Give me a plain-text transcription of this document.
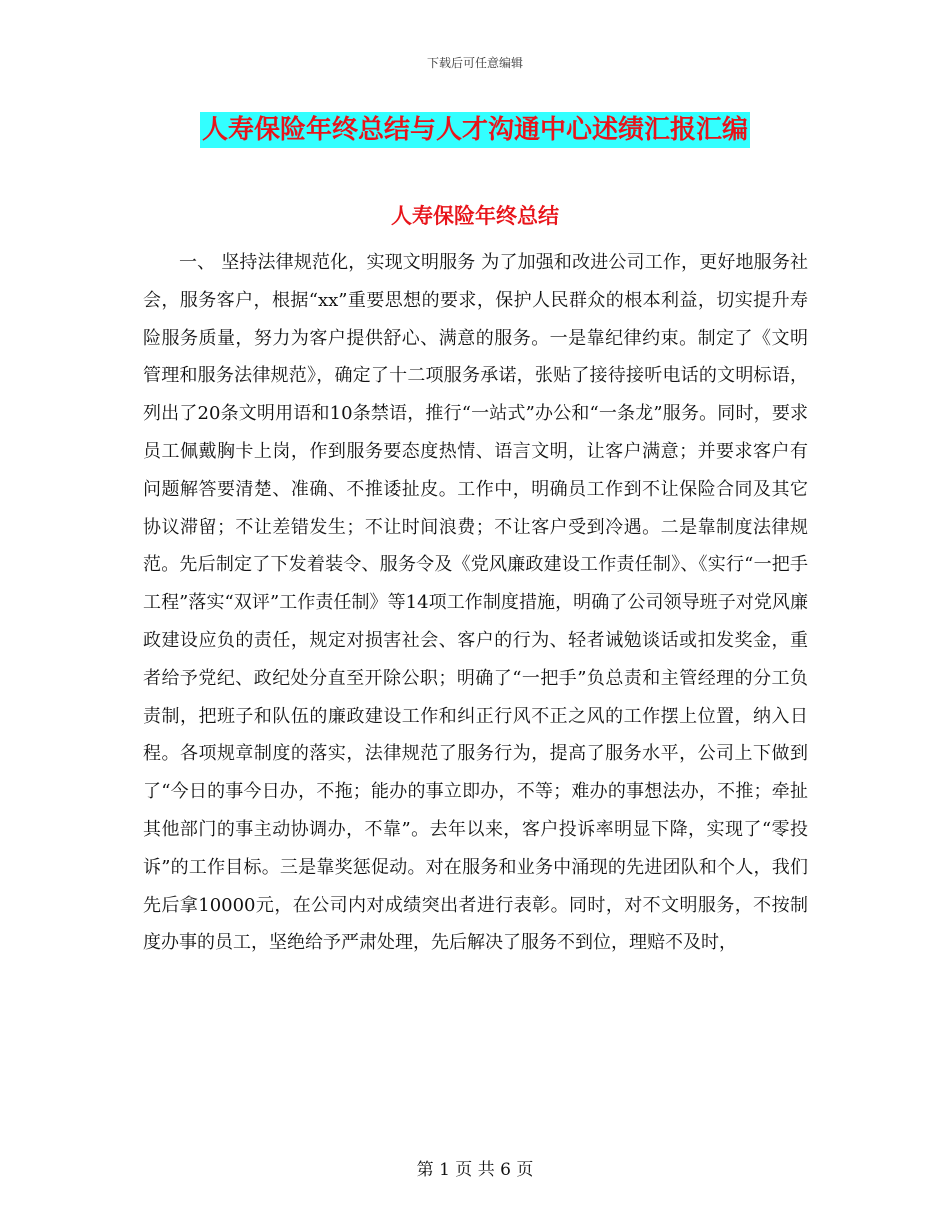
下载后可任意编辑
人寿保险年终总结与人才沟通中心述绩汇报汇编
人寿保险年终总结

一、 坚持法律规范化，实现文明服务 为了加强和改进公司工作，更好地服务社会，服务客户，根据“xx”重要思想的要求，保护人民群众的根本利益，切实提升寿险服务质量，努力为客户提供舒心、满意的服务。一是靠纪律约束。制定了《文明管理和服务法律规范》，确定了十二项服务承诺，张贴了接待接听电话的文明标语，列出了20条文明用语和10条禁语，推行“一站式”办公和“一条龙”服务。同时，要求员工佩戴胸卡上岗，作到服务要态度热情、语言文明，让客户满意；并要求客户有问题解答要清楚、准确、不推诿扯皮。工作中，明确员工作到不让保险合同及其它协议滞留；不让差错发生；不让时间浪费；不让客户受到冷遇。二是靠制度法律规范。先后制定了下发着装令、服务令及《党风廉政建设工作责任制》、《实行“一把手工程”落实“双评”工作责任制》等14项工作制度措施，明确了公司领导班子对党风廉政建设应负的责任，规定对损害社会、客户的行为、轻者诫勉谈话或扣发奖金，重者给予党纪、政纪处分直至开除公职；明确了“一把手”负总责和主管经理的分工负责制，把班子和队伍的廉政建设工作和纠正行风不正之风的工作摆上位置，纳入日程。各项规章制度的落实，法律规范了服务行为，提高了服务水平，公司上下做到了“今日的事今日办，不拖；能办的事立即办，不等；难办的事想法办，不推；牵扯其他部门的事主动协调办，不靠”。去年以来，客户投诉率明显下降，实现了“零投诉”的工作目标。三是靠奖惩促动。对在服务和业务中涌现的先进团队和个人，我们先后拿10000元，在公司内对成绩突出者进行表彰。同时，对不文明服务，不按制度办事的员工，坚绝给予严肃处理，先后解决了服务不到位，理赔不及时，

第 1 页 共 6 页
